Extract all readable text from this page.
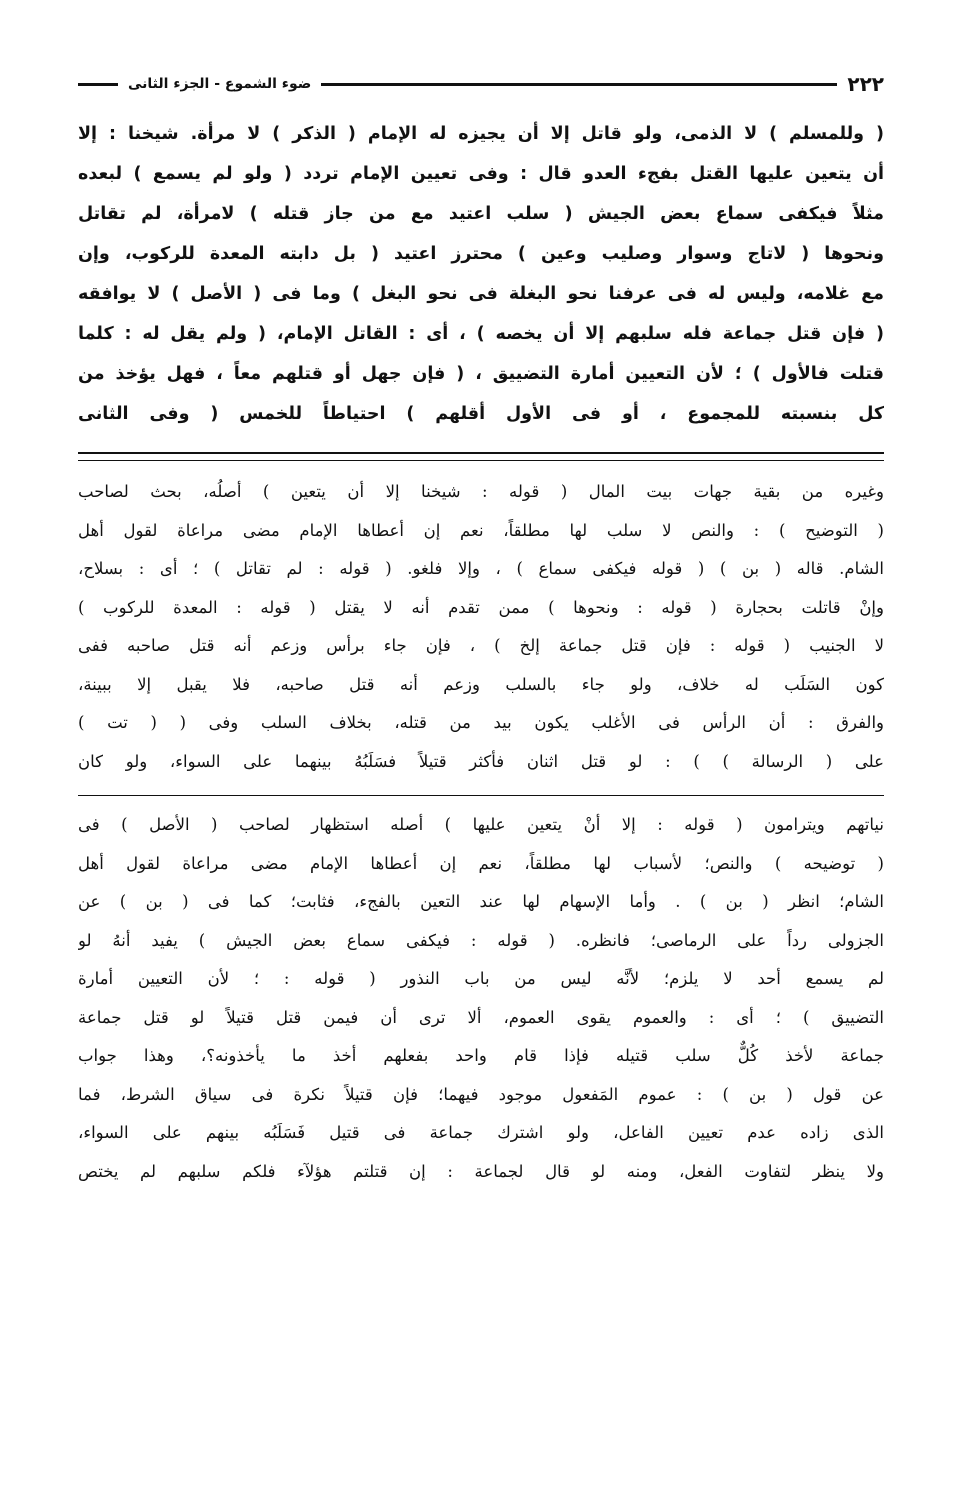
٢٢٢
ضوء الشموع - الجزء الثانى

( وللمسلم ) لا الذمى، ولو قاتل إلا أن يجيزه له الإمام ( الذكر ) لا مرأة. شيخنا : إلا

أن يتعين عليها القتل بفجء العدو قال : وفى تعيين الإمام تردد ( ولو لم يسمع ) لبعده

مثلاً فيكفى سماع بعض الجيش ( سلب اعتيد مع من جاز قتله ) لامرأة، لم تقاتل

ونحوها ( لاتاج وسوار وصليب وعين ) محترز اعتيد ( بل دابته المعدة للركوب، وإن

مع غلامه، وليس له فى عرفنا نحو البغلة فى نحو البغل ) وما فى ( الأصل ) لا يوافقه

( فإن قتل جماعة فله سلبهم إلا أن يخصه ) ، أى : القاتل الإمام، ( ولم يقل له : كلما

قتلت فالأول ) ؛ لأن التعيين أمارة التضييق ، ( فإن جهل أو قتلهم معاً ، فهل يؤخذ من

كل بنسبته للمجموع ، أو فى الأول أقلهم ) احتياطاً للخمس ( وفى الثانى

وغيره من بقية جهات بيت المال ( قوله : شيخنا إلا أن يتعين ) أصلُه، بحث لصاحب

( التوضيح ) : والنص لا سلب لها مطلقاً، نعم إن أعطاها الإمام مضى مراعاة لقول أهل

الشام. قاله ( بن ) ( قوله فيكفى سماع ) ، وإلا فلغو. ( قوله : لم تقاتل ) ؛ أى : بسلاح،

وإنْ قاتلت بحجارة ( قوله : ونحوها ) ممن تقدم أنه لا يقتل ( قوله : المعدة للركوب )

لا الجنيب ( قوله : فإن قتل جماعة إلخ ) ، فإن جاء برأس وزعم أنه قتل صاحبه ففى

كون السَلَب له خلاف، ولو جاء بالسلب وزعم أنه قتل صاحبه، فلا يقبل إلا ببينة،

والفرق : أن الرأس فى الأغلب يكون بيد من قتله، بخلاف السلب وفى ( ( تت )

على ( الرسالة ) ) : لو قتل اثنان فأكثر قتيلاً فسَلَبُهُ بينهما على السواء، ولو كان

نياتهم ويترامون ( قوله : إلا أنْ يتعين عليها ) أصله استظهار لصاحب ( الأصل ) فى

( توضيحه ) والنص؛ لأسباب لها مطلقاً، نعم إن أعطاها الإمام مضى مراعاة لقول أهل

الشام؛ انظر ( بن ) . وأما الإسهام لها عند التعين بالفجء، فثابت؛ كما فى ( بن ) عن

الجزولى رداً على الرماصى؛ فانظره. ( قوله : فيكفى سماع بعض الجيش ) يفيد أنهُ لو

لم يسمع أحد لا يلزم؛ لأنَّه ليس من باب النذور ( قوله : ؛ لأن التعيين أمارة

التضييق ) ؛ أى : والعموم يقوى العموم، ألا ترى أن فيمن قتل قتيلاً لو قتل جماعة

جماعة لأخذ كُلٌّ سلب قتيله فإذا قام واحد بفعلهم أخذ ما يأخذونه؟، وهذا جواب

عن قول ( بن ) : عموم المَفعول موجود فيهما؛ فإن قتيلاً نكرة فى سياق الشرط، فما

الذى زاده عدم تعيين الفاعل، ولو اشترك جماعة فى قتيل فَسَلَبُه بينهم على السواء،

ولا ينظر لتفاوت الفعل، ومنه لو قال لجماعة : إن قتلتم هؤلآء فلكم سلبهم لم يختص
